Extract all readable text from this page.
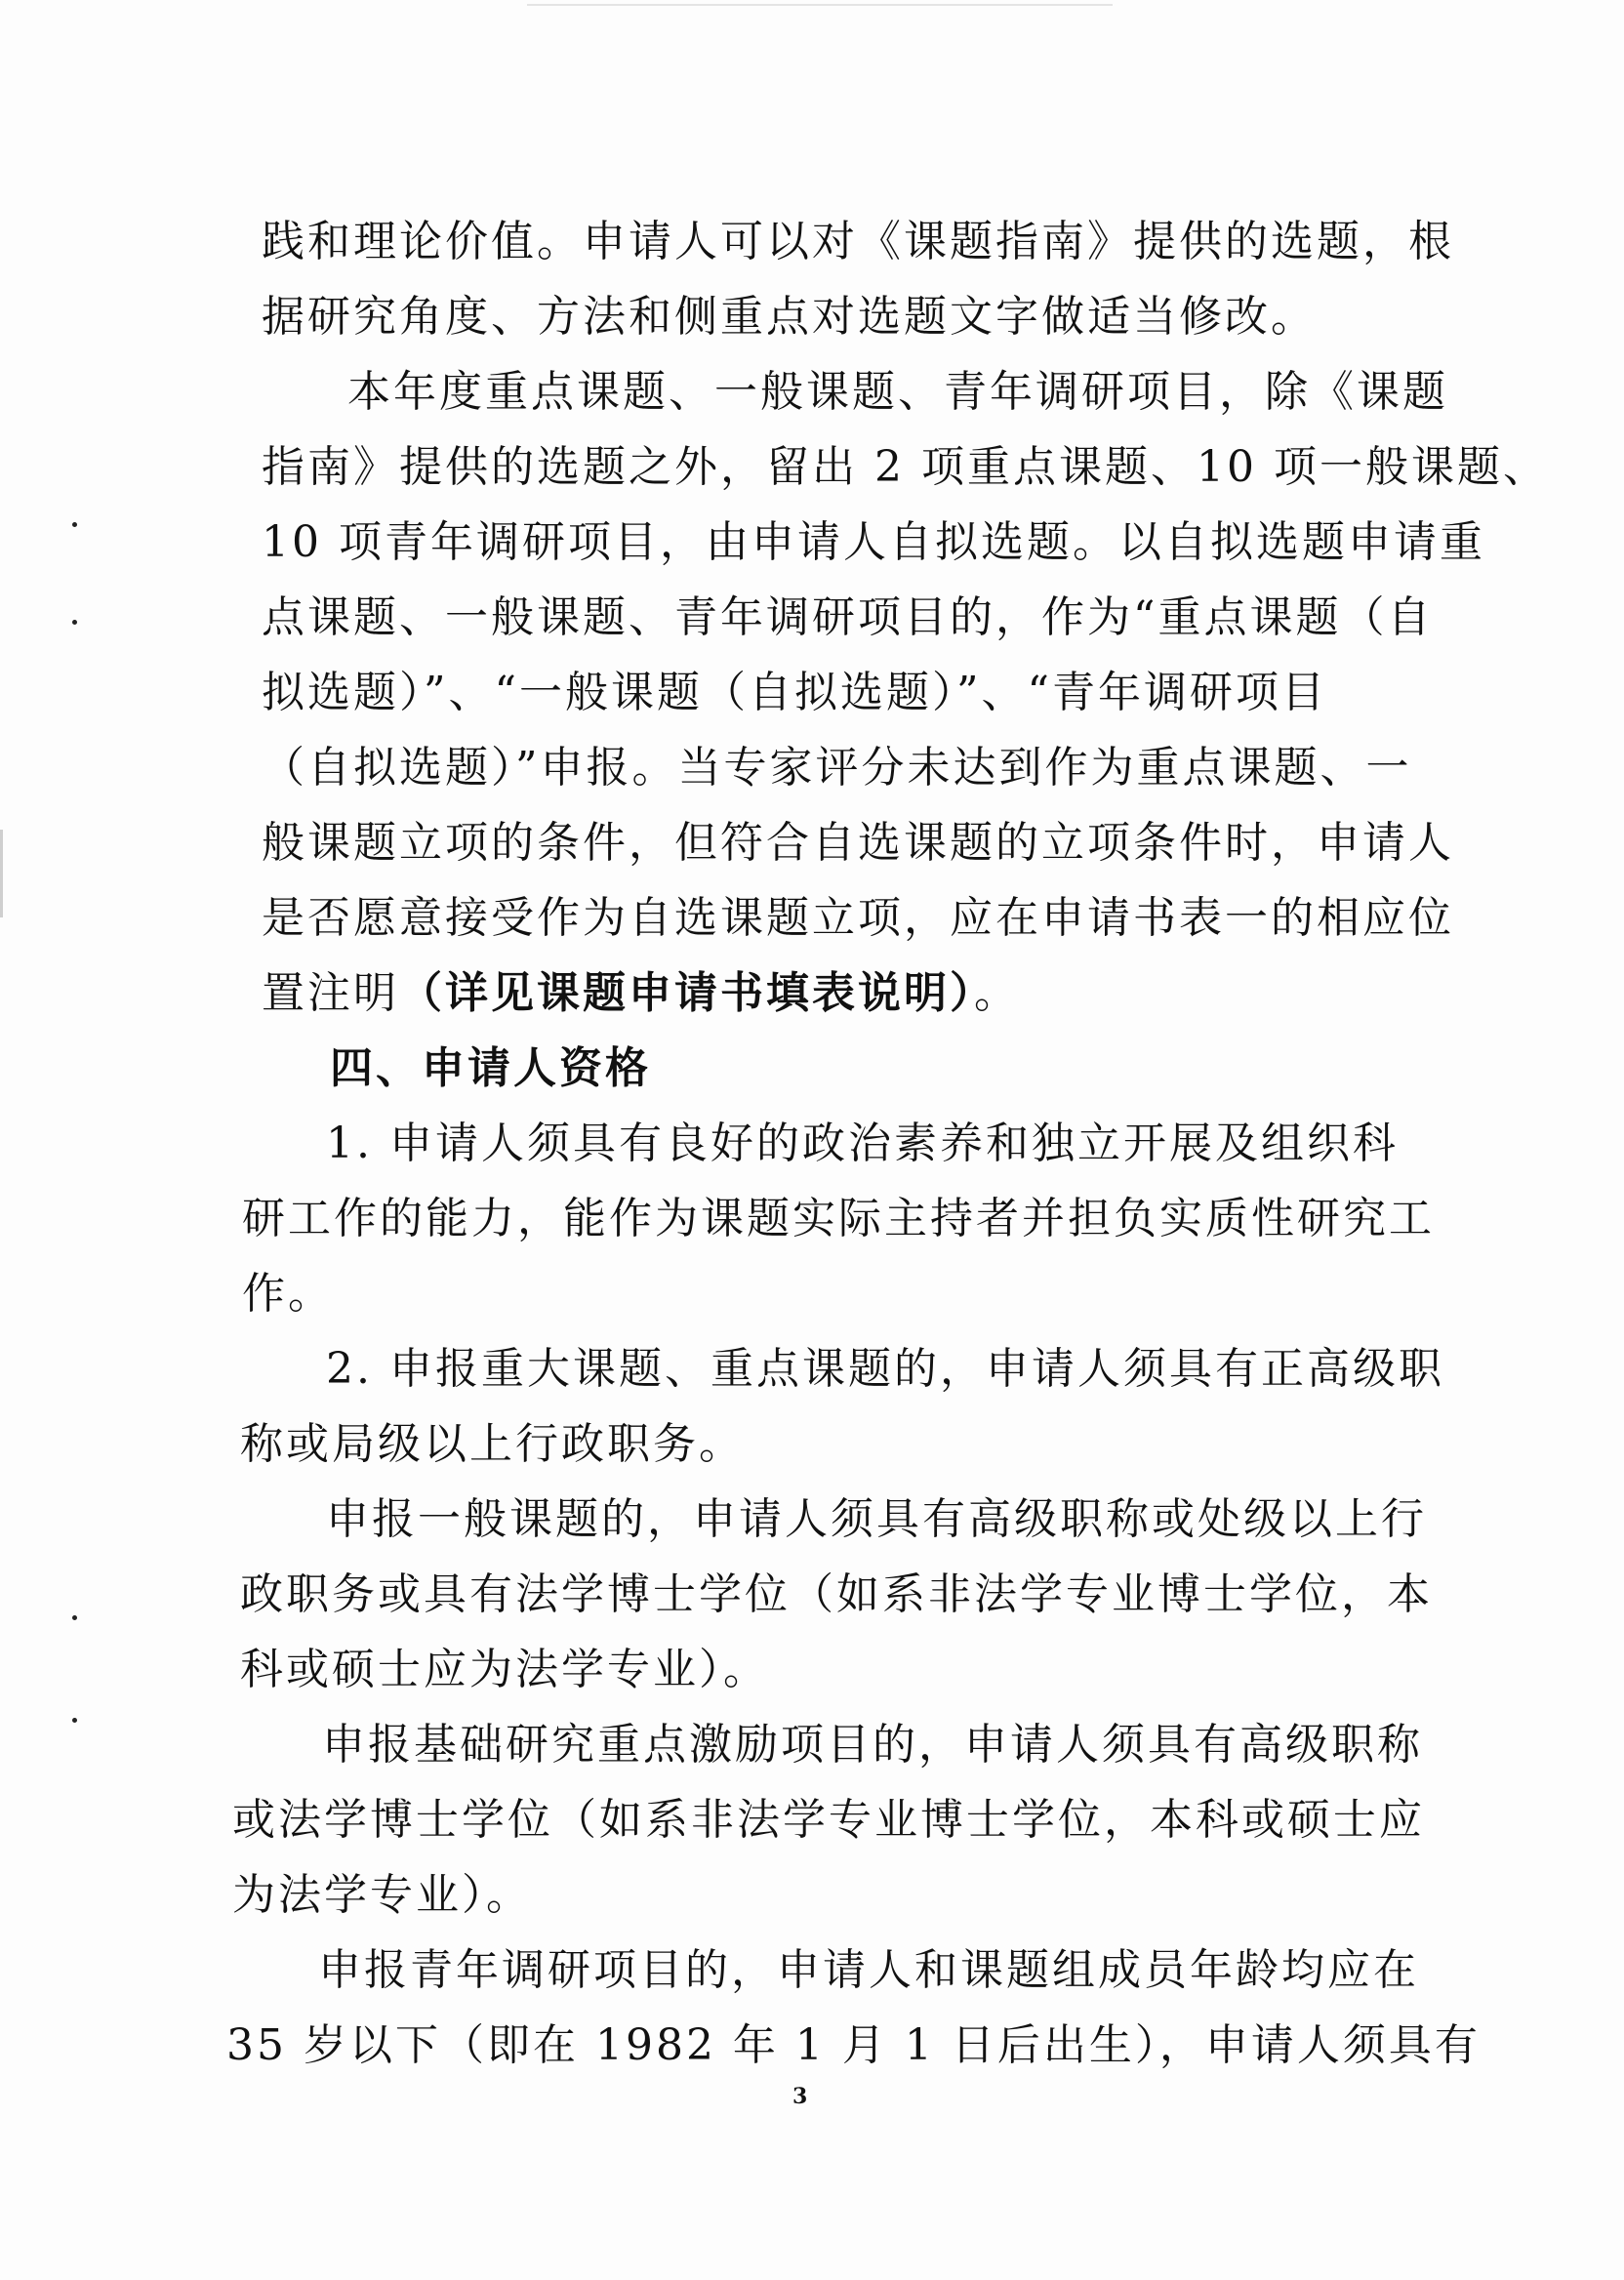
践和理论价值。申请人可以对《课题指南》提供的选题，根
据研究角度、方法和侧重点对选题文字做适当修改。
本年度重点课题、一般课题、青年调研项目，除《课题
指南》提供的选题之外，留出 2 项重点课题、10 项一般课题、
10 项青年调研项目，由申请人自拟选题。以自拟选题申请重
点课题、一般课题、青年调研项目的，作为“重点课题（自
拟选题）”、“一般课题（自拟选题）”、“青年调研项目
（自拟选题）”申报。当专家评分未达到作为重点课题、一
般课题立项的条件，但符合自选课题的立项条件时，申请人
是否愿意接受作为自选课题立项，应在申请书表一的相应位
置注明（详见课题申请书填表说明）。
四、申请人资格
1. 申请人须具有良好的政治素养和独立开展及组织科
研工作的能力，能作为课题实际主持者并担负实质性研究工
作。
2. 申报重大课题、重点课题的，申请人须具有正高级职
称或局级以上行政职务。
申报一般课题的，申请人须具有高级职称或处级以上行
政职务或具有法学博士学位（如系非法学专业博士学位，本
科或硕士应为法学专业）。
申报基础研究重点激励项目的，申请人须具有高级职称
或法学博士学位（如系非法学专业博士学位，本科或硕士应
为法学专业）。
申报青年调研项目的，申请人和课题组成员年龄均应在
35 岁以下（即在 1982 年 1 月 1 日后出生），申请人须具有
3
